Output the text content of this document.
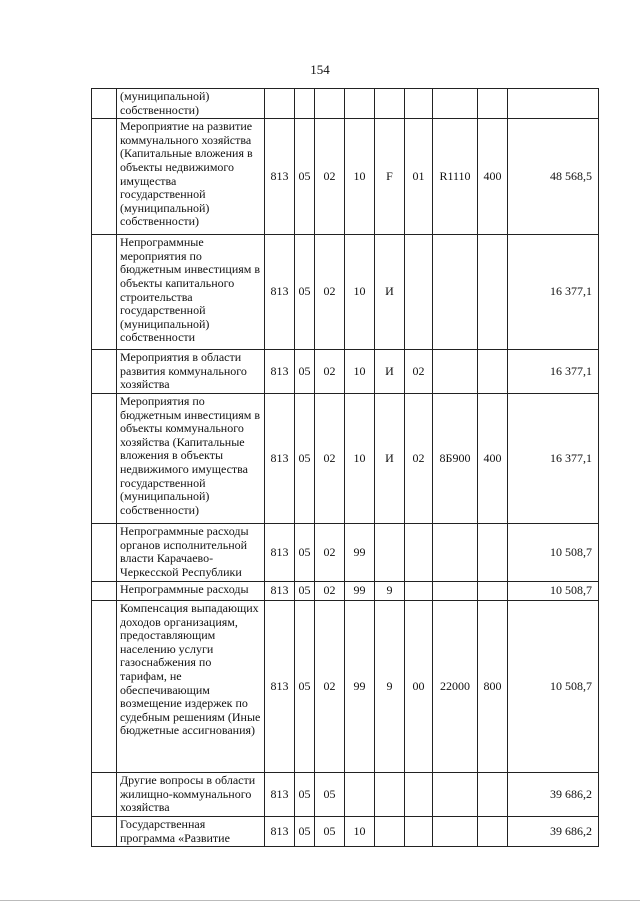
154
	(муниципальной) собственности)									
	Мероприятие на развитие коммунального хозяйства (Капитальные вложения в объекты недвижимого имущества государственной (муниципальной) собственности)	813	05	02	10	F	01	R1110	400	48 568,5
	Непрограммные мероприятия по бюджетным инвестициям в объекты капитального строительства государственной (муниципальной) собственности	813	05	02	10	И				16 377,1
	Мероприятия в области развития коммунального хозяйства	813	05	02	10	И	02			16 377,1
	Мероприятия по бюджетным инвестициям в объекты коммунального хозяйства (Капитальные вложения в объекты недвижимого имущества государственной (муниципальной) собственности)	813	05	02	10	И	02	8Б900	400	16 377,1
	Непрограммные расходы органов исполнительной власти Карачаево-Черкесской Республики	813	05	02	99					10 508,7
	Непрограммные расходы	813	05	02	99	9				10 508,7
	Компенсация выпадающих доходов организациям, предоставляющим населению услуги газоснабжения по тарифам, не обеспечивающим возмещение издержек по судебным решениям (Иные бюджетные ассигнования)	813	05	02	99	9	00	22000	800	10 508,7
	Другие вопросы в области жилищно-коммунального хозяйства	813	05	05						39 686,2
	Государственная программа «Развитие	813	05	05	10					39 686,2
